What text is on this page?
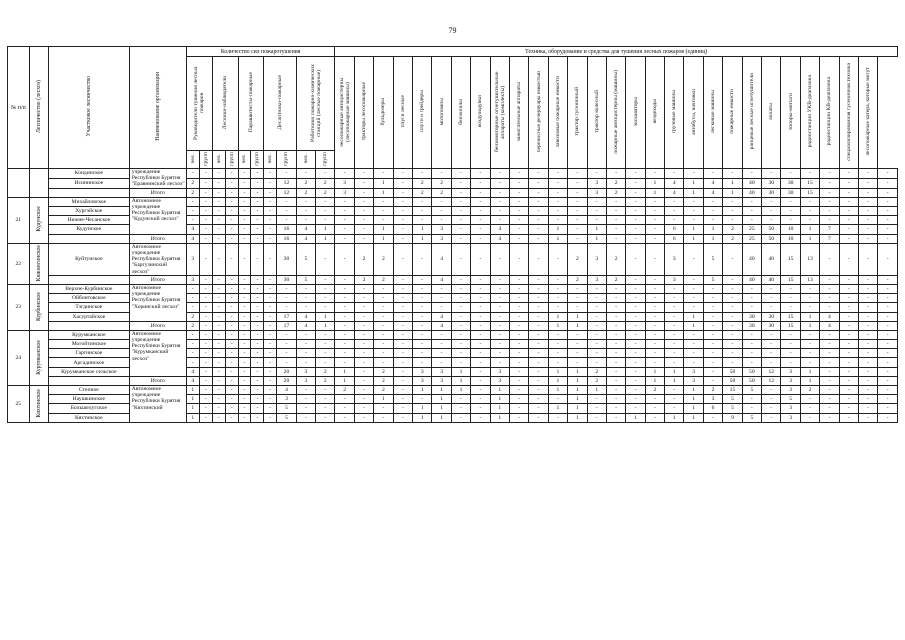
79
№ п/п	Лесничество (лесхоз)	Участковое лесничество	Наименование организации	Количество сил пожаротушения										Техника, оборудование и средства для тушения лесных пожаров (единиц)																												
				Руководители тушения лесных пожаров		Лесники-наблюдатели		Парашютисты-пожарные		Десантники-пожарные		Работники пожарно-химических станций (лесные пожарные)		лесопожарные автоцистерны (лесопожарные машины)	тракторы лесопожарные	бульдозеры	плуги лесные	плуги и грейдеры	мотопомпы	бензопилы	воздуходувки	бензомоторные огнетушительные аппараты (комплекты)	зажигательные аппараты	переносные резервуары емкостью	завозимые пожарные емкости	трактор гусеничный	трактор колесный	пожарные автоцистерны (машины)	экскаваторы	вездеходы	грузовые машины	автобусы, вахтовки	легковые машины	пожарные емкости	ранцевые лесные огнетушители	лопаты	топоры-мотыги	радиостанции УКВ-диапазона	радиостанции КВ-диапазона	специализированная гусеничная техника	лесопожарные катера, которые могут	
				чел.	групп	чел.	групп	чел.	групп	чел.	групп	чел.	групп																													
		Кондинское	учреждение Республики Бурятия "Еравнинский лесхоз"	-	-	-	-	-	-	-	-	-	-	-	-	-	-	-	-	-	-	-	-	-	-	-	-	-	-	-	-	-	-	-	-	-	-	-	-	-	-	-
		Исининское		2	-	-	-	-	-	-	12	2	2	3	-	1	-	2	2	-	-	-	-	-	-	-	3	2	-	1	4	1	4	1	40	30	30	15	-	-	-	-
			Итого	2	-	-	-	-	-	-	12	2	2	3	-	1	-	2	2	-	-	-	-	-	-	-	3	2	-	1	4	1	4	1	40	30	30	15	-	-	-	-
21	Кудунское	Михайловское	Автономное учреждение Республики Бурятия "Кудунский лесхоз"	-	-	-	-	-	-	-	-	-	-	-	-	-	-	-	-	-	-	-	-	-	-	-	-	-	-	-	-	-	-	-	-	-	-	-	-	-	-	-
		Хургэйское		-	-	-	-	-	-	-	-	-	-	-	-	-	-	-	-	-	-	-	-	-	-	-	-	-	-	-	-	-	-	-	-	-	-	-	-	-	-	-
		Нижне-Чесанское		-	-	-	-	-	-	-	-	-	-	-	-	-	-	-	-	-	-	-	-	-	-	-	-	-	-	-	-	-	-	-	-	-	-	-	-	-	-	-
		Кудунское		4	-	-	-	-	-	-	16	4	1	-	-	1	-	1	3	-	-	4	-	-	1	-	1	-	-	-	6	1	1	2	25	50	10	1	7	-	-	-
			Итого	4	-	-	-	-	-	-	16	4	1	-	-	1	-	1	3	-	-	4	-	-	1	-	1	-	-	-	6	1	1	2	25	50	10	1	7	-	-	-
22	Кижингинское	Куйтунское	Автономное учреждение Республики Бурятия "Баргузинский лесхоз"	3	-	-	-	-	-	-	30	5	-	-	2	2	-	-	4	-	-	-	-	-	-	2	3	2	-	-	3	-	5	-	40	40	15	13	-	-	-	-
			Итого	3	-	-	-	-	-	-	30	5	-	-	2	2	-	-	4	-	-	-	-	-	-	2	3	2	-	-	3	-	5	-	40	40	15	13	-	-	-	-
23	Курбинское	Верхне-Курбинское	Автономное учреждение Республики Бурятия "Хоринский лесхоз"	-	-	-	-	-	-	-	-	-	-	-	-	-	-	-	-	-	-	-	-	-	-	-	-	-	-	-	-	-	-	-	-	-	-	-	-	-	-	-
		Ойбонтовское		-	-	-	-	-	-	-	-	-	-	-	-	-	-	-	-	-	-	-	-	-	-	-	-	-	-	-	-	-	-	-	-	-	-	-	-	-	-	-
		Тэгдинское		-	-	-	-	-	-	-	-	-	-	-	-	-	-	-	-	-	-	-	-	-	-	-	-	-	-	-	-	-	-	-	-	-	-	-	-	-	-	-
		Хасуртайское		2	-	-	-	-	-	-	17	4	1	-	-	-	-	-	4	-	-	-	-	-	1	1	-	-	-	-	-	1	-	-	30	30	15	1	4	-	-	-
			Итого	2	-	-	-	-	-	-	17	4	1	-	-	-	-	-	4	-	-	-	-	-	1	1	-	-	-	-	-	1	-	-	30	30	15	1	4	-	-	-
24	Курумканское	Курумканское	Автономное учреждение Республики Бурятия "Курумканский лесхоз"	-	-	-	-	-	-	-	-	-	-	-	-	-	-	-	-	-	-	-	-	-	-	-	-	-	-	-	-	-	-	-	-	-	-	-	-	-	-	-
		Могойтинское		-	-	-	-	-	-	-	-	-	-	-	-	-	-	-	-	-	-	-	-	-	-	-	-	-	-	-	-	-	-	-	-	-	-	-	-	-	-	-
		Гаргинское		-	-	-	-	-	-	-	-	-	-	-	-	-	-	-	-	-	-	-	-	-	-	-	-	-	-	-	-	-	-	-	-	-	-	-	-	-	-	-
		Аргадинское		-	-	-	-	-	-	-	-	-	-	-	-	-	-	-	-	-	-	-	-	-	-	-	-	-	-	-	-	-	-	-	-	-	-	-	-	-	-	-
		Курумканское сельское		4	-	-	-	-	-	-	20	3	2	1	-	2	-	3	3	1	-	3	-	-	1	1	2	-	-	1	1	3	-	50	50	12	3	1	-	-	-	-
			Итого	4	-	-	-	-	-	-	20	3	2	1	-	2	-	3	3	1	-	3	-	-	1	1	2	-	-	1	1	3	-	50	50	12	3	1	-	-	-	-
25	Кяхтинское	Степное	Автономное учреждение Республики Бурятия "Кяхтинский	1	-	-	-	-	-	-	4	-	-	2	-	2	-	1	1	1	-	1	-	-	1	1	1	-	-	2	-	1	2	15	5	-	3	2	-	-	-	-
		Наушкинское		1	-	-	-	-	-	-	3	-	-	-	-	1	-	-	1	-	-	1	-	-	-	1	-	-	-	-	-	1	3	5	-	-	5	-	-	-	-	-
		Большелугское		1	-	-	-	-	-	-	5	-	-	-	-	-	-	1	1	-	-	1	-	-	1	1	-	-	-	-	-	1	6	5	-	-	3	-	-	-	-	-
		Кяхтинское		1	-	-	-	-	-	-	5	-	-	-	-	-	-	1	1	-	-	1	-	-	-	1	-	-	1	-	1	1	-	9	5	-	3	-	-	-	-	-
